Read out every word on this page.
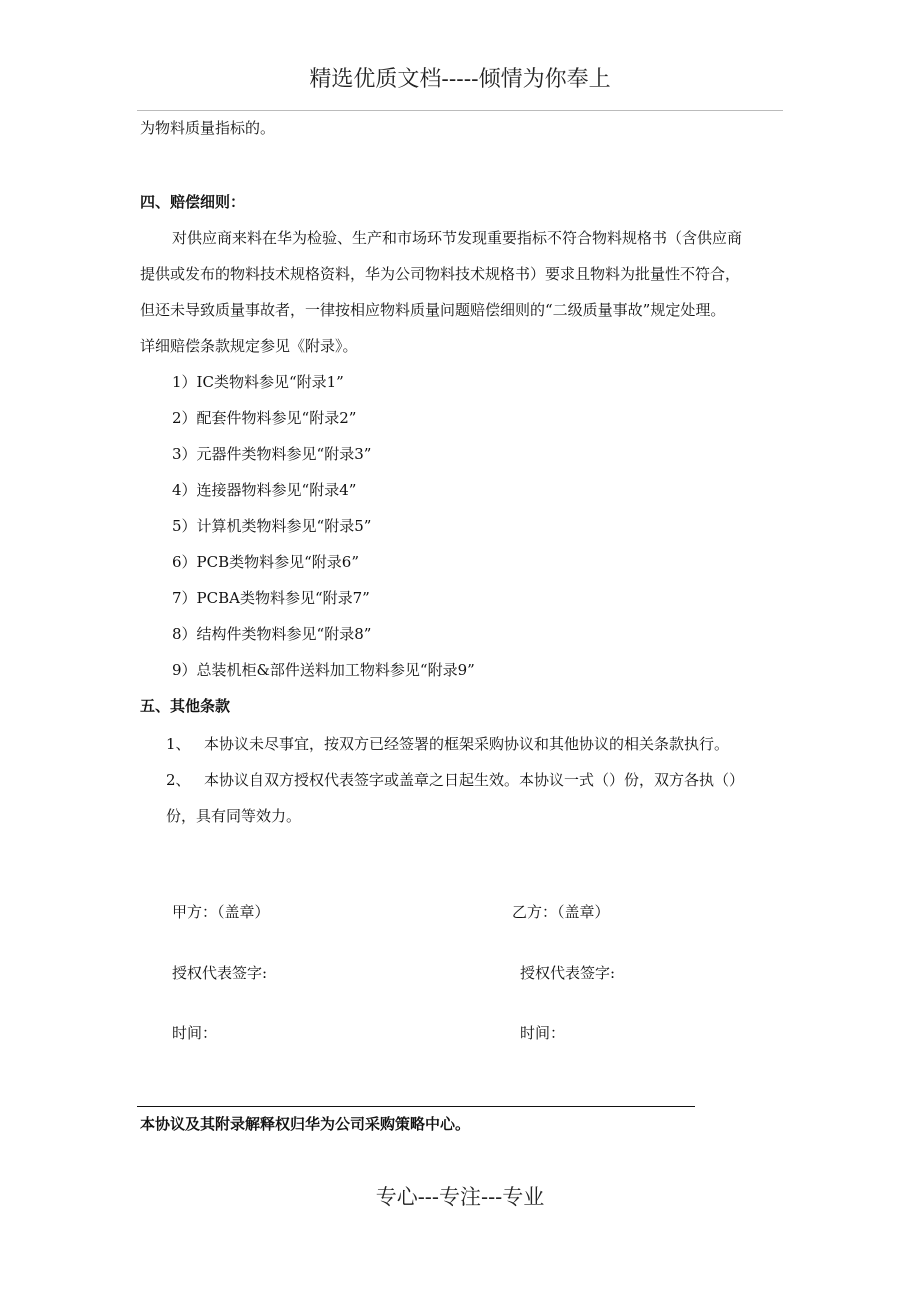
精选优质文档-----倾情为你奉上
为物料质量指标的。
四、赔偿细则：
对供应商来料在华为检验、生产和市场环节发现重要指标不符合物料规格书（含供应商
提供或发布的物料技术规格资料，华为公司物料技术规格书）要求且物料为批量性不符合，
但还未导致质量事故者，一律按相应物料质量问题赔偿细则的“二级质量事故”规定处理。
详细赔偿条款规定参见《附录》。
1）IC类物料参见“附录1”
2）配套件物料参见“附录2”
3）元器件类物料参见“附录3”
4）连接器物料参见“附录4”
5）计算机类物料参见“附录5”
6）PCB类物料参见“附录6”
7）PCBA类物料参见“附录7”
8）结构件类物料参见“附录8”
9）总装机柜&部件送料加工物料参见“附录9”
五、其他条款
1、 本协议未尽事宜，按双方已经签署的框架采购协议和其他协议的相关条款执行。
2、 本协议自双方授权代表签字或盖章之日起生效。本协议一式（）份，双方各执（）
份，具有同等效力。
甲方：（盖章）	乙方：（盖章）
授权代表签字:	授权代表签字:
时间：	时间：
本协议及其附录解释权归华为公司采购策略中心。
专心---专注---专业
